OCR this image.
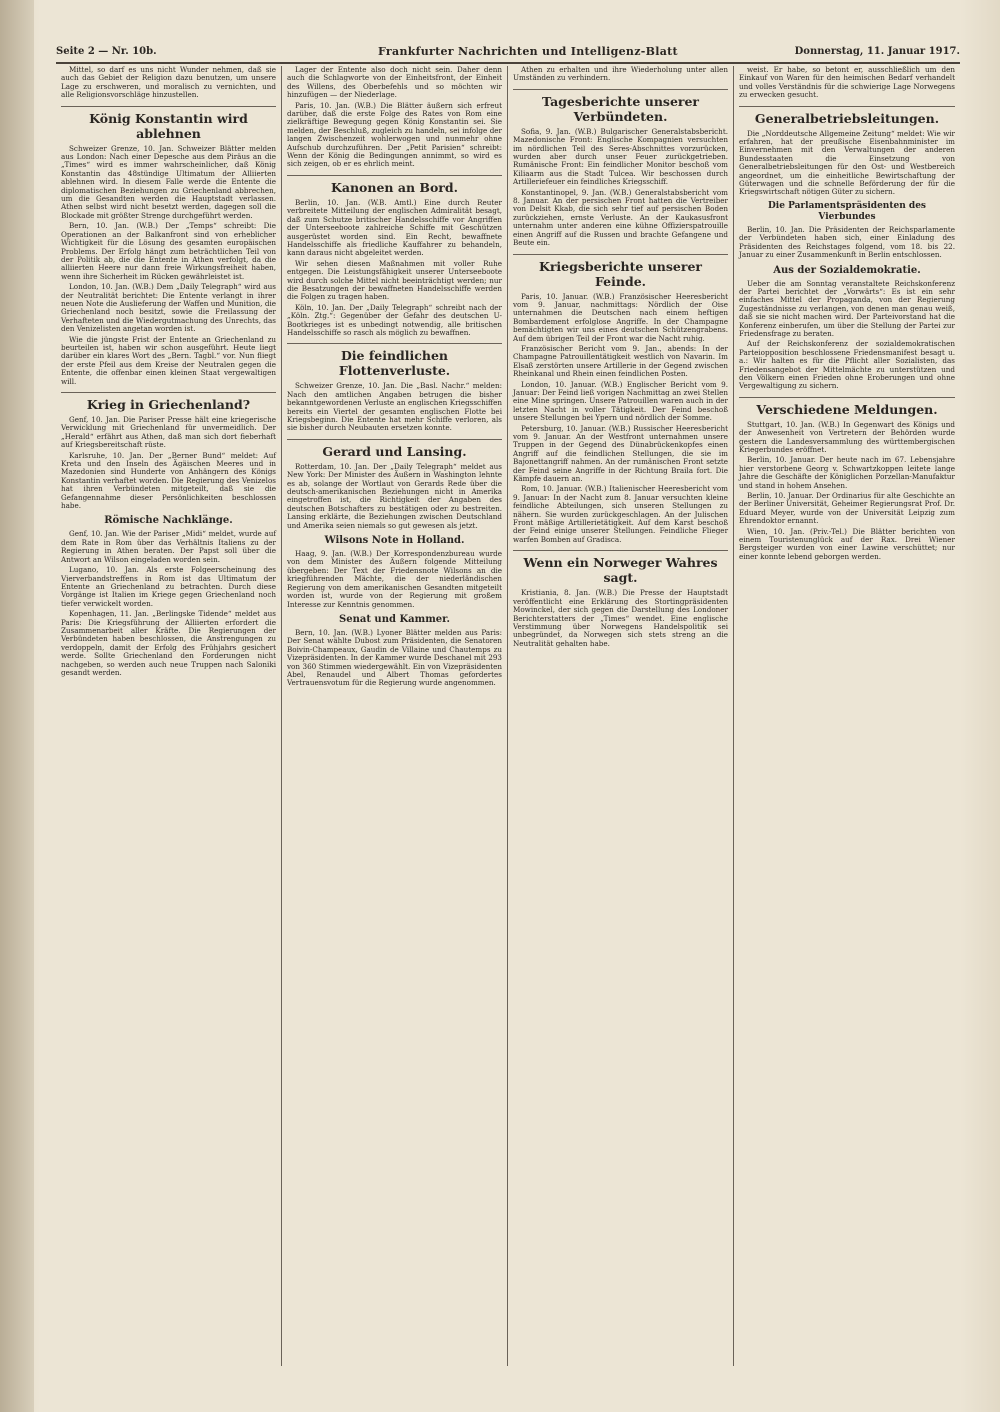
Seite 2 — Nr. 10b.	Frankfurter Nachrichten und Intelligenz-Blatt	Donnerstag, 11. Januar 1917.

Mittel, so darf es uns nicht Wunder nehmen, daß sie auch das Gebiet der Religion dazu benutzen, um unsere Lage zu erschweren, und moralisch zu vernichten, und alle Religionsvorschläge hinzustellen.

König Konstantin wird ablehnen

Schweizer Grenze, 10. Jan. Schweizer Blätter melden aus London: Nach einer Depesche aus dem Piräus an die „Times“ wird es immer wahrscheinlicher, daß König Konstantin das 48stündige Ultimatum der Alliierten ablehnen wird. In diesem Falle werde die Entente die diplomatischen Beziehungen zu Griechenland abbrechen, um die Gesandten werden die Hauptstadt verlassen. Athen selbst wird nicht besetzt werden, dagegen soll die Blockade mit größter Strenge durchgeführt werden.

Bern, 10. Jan. (W.B.) Der „Temps“ schreibt: Die Operationen an der Balkanfront sind von erheblicher Wichtigkeit für die Lösung des gesamten europäischen Problems. Der Erfolg hängt zum beträchtlichen Teil von der Politik ab, die die Entente in Athen verfolgt, da die alliierten Heere nur dann freie Wirkungsfreiheit haben, wenn ihre Sicherheit im Rücken gewährleistet ist.

London, 10. Jan. (W.B.) Dem „Daily Telegraph“ wird aus der Neutralität berichtet: Die Entente verlangt in ihrer neuen Note die Auslieferung der Waffen und Munition, die Griechenland noch besitzt, sowie die Freilassung der Verhafteten und die Wiedergutmachung des Unrechts, das den Venizelisten angetan worden ist.

Wie die jüngste Frist der Entente an Griechenland zu beurteilen ist, haben wir schon ausgeführt. Heute liegt darüber ein klares Wort des „Bern. Tagbl.“ vor. Nun fliegt der erste Pfeil aus dem Kreise der Neutralen gegen die Entente, die offenbar einen kleinen Staat vergewaltigen will.

Krieg in Griechenland?

Genf, 10. Jan. Die Pariser Presse hält eine kriegerische Verwicklung mit Griechenland für unvermeidlich. Der „Herald“ erfährt aus Athen, daß man sich dort fieberhaft auf Kriegsbereitschaft rüste.

Karlsruhe, 10. Jan. Der „Berner Bund“ meldet: Auf Kreta und den Inseln des Ägäischen Meeres und in Mazedonien sind Hunderte von Anhängern des Königs Konstantin verhaftet worden. Die Regierung des Venizelos hat ihren Verbündeten mitgeteilt, daß sie die Gefangennahme dieser Persönlichkeiten beschlossen habe.

Römische Nachklänge.

Genf, 10. Jan. Wie der Pariser „Midi“ meldet, wurde auf dem Rate in Rom über das Verhältnis Italiens zu der Regierung in Athen beraten. Der Papst soll über die Antwort an Wilson eingeladen worden sein.

Lugano, 10. Jan. Als erste Folgeerscheinung des Vierverbandstreffens in Rom ist das Ultimatum der Entente an Griechenland zu betrachten. Durch diese Vorgänge ist Italien im Kriege gegen Griechenland noch tiefer verwickelt worden.

Kopenhagen, 11. Jan. „Berlingske Tidende“ meldet aus Paris: Die Kriegsführung der Alliierten erfordert die Zusammenarbeit aller Kräfte. Die Regierungen der Verbündeten haben beschlossen, die Anstrengungen zu verdoppeln, damit der Erfolg des Frühjahrs gesichert werde. Sollte Griechenland den Forderungen nicht nachgeben, so werden auch neue Truppen nach Saloniki gesandt werden.

Lager der Entente also doch nicht sein. Daher denn auch die Schlagworte von der Einheitsfront, der Einheit des Willens, des Oberbefehls und so möchten wir hinzufügen — der Niederlage.

Paris, 10. Jan. (W.B.) Die Blätter äußern sich erfreut darüber, daß die erste Folge des Rates von Rom eine zielkräftige Bewegung gegen König Konstantin sei. Sie melden, der Beschluß, zugleich zu handeln, sei infolge der langen Zwischenzeit wohlerwogen und nunmehr ohne Aufschub durchzuführen. Der „Petit Parisien“ schreibt: Wenn der König die Bedingungen annimmt, so wird es sich zeigen, ob er es ehrlich meint.

Kanonen an Bord.

Berlin, 10. Jan. (W.B. Amtl.) Eine durch Reuter verbreitete Mitteilung der englischen Admiralität besagt, daß zum Schutze britischer Handelsschiffe vor Angriffen der Unterseeboote zahlreiche Schiffe mit Geschützen ausgerüstet worden sind. Ein Recht, bewaffnete Handelsschiffe als friedliche Kauffahrer zu behandeln, kann daraus nicht abgeleitet werden.

Wir sehen diesen Maßnahmen mit voller Ruhe entgegen. Die Leistungsfähigkeit unserer Unterseeboote wird durch solche Mittel nicht beeinträchtigt werden; nur die Besatzungen der bewaffneten Handelsschiffe werden die Folgen zu tragen haben.

Köln, 10. Jan. Der „Daily Telegraph“ schreibt nach der „Köln. Ztg.“: Gegenüber der Gefahr des deutschen U-Bootkrieges ist es unbedingt notwendig, alle britischen Handelsschiffe so rasch als möglich zu bewaffnen.

Die feindlichen Flottenverluste.

Schweizer Grenze, 10. Jan. Die „Basl. Nachr.“ melden: Nach den amtlichen Angaben betrugen die bisher bekanntgewordenen Verluste an englischen Kriegsschiffen bereits ein Viertel der gesamten englischen Flotte bei Kriegsbeginn. Die Entente hat mehr Schiffe verloren, als sie bisher durch Neubauten ersetzen konnte.

Gerard und Lansing.

Rotterdam, 10. Jan. Der „Daily Telegraph“ meldet aus New York: Der Minister des Äußern in Washington lehnte es ab, solange der Wortlaut von Gerards Rede über die deutsch-amerikanischen Beziehungen nicht in Amerika eingetroffen ist, die Richtigkeit der Angaben des deutschen Botschafters zu bestätigen oder zu bestreiten. Lansing erklärte, die Beziehungen zwischen Deutschland und Amerika seien niemals so gut gewesen als jetzt.

Wilsons Note in Holland.

Haag, 9. Jan. (W.B.) Der Korrespondenzbureau wurde von dem Minister des Äußern folgende Mitteilung übergeben: Der Text der Friedensnote Wilsons an die kriegführenden Mächte, die der niederländischen Regierung von dem amerikanischen Gesandten mitgeteilt worden ist, wurde von der Regierung mit großem Interesse zur Kenntnis genommen.

Senat und Kammer.

Bern, 10. Jan. (W.B.) Lyoner Blätter melden aus Paris: Der Senat wählte Dubost zum Präsidenten, die Senatoren Boivin-Champeaux, Gaudin de Villaine und Chautemps zu Vizepräsidenten. In der Kammer wurde Deschanel mit 293 von 360 Stimmen wiedergewählt. Ein von Vizepräsidenten Abel, Renaudel und Albert Thomas gefordertes Vertrauensvotum für die Regierung wurde angenommen.

Athen zu erhalten und ihre Wiederholung unter allen Umständen zu verhindern.

Tagesberichte unserer Verbündeten.

Sofia, 9. Jan. (W.B.) Bulgarischer Generalstabsbericht. Mazedonische Front: Englische Kompagnien versuchten im nördlichen Teil des Seres-Abschnittes vorzurücken, wurden aber durch unser Feuer zurückgetrieben. Rumänische Front: Ein feindlicher Monitor beschoß vom Kiliaarm aus die Stadt Tulcea. Wir beschossen durch Artilleriefeuer ein feindliches Kriegsschiff.

Konstantinopel, 9. Jan. (W.B.) Generalstabsbericht vom 8. Januar. An der persischen Front hatten die Vertreiber von Delsit Kkab, die sich sehr tief auf persischen Boden zurückziehen, ernste Verluste. An der Kaukasusfront unternahm unter anderen eine kühne Offizierspatrouille einen Angriff auf die Russen und brachte Gefangene und Beute ein.

Kriegsberichte unserer Feinde.

Paris, 10. Januar. (W.B.) Französischer Heeresbericht vom 9. Januar, nachmittags: Nördlich der Oise unternahmen die Deutschen nach einem heftigen Bombardement erfolglose Angriffe. In der Champagne bemächtigten wir uns eines deutschen Schützengrabens. Auf dem übrigen Teil der Front war die Nacht ruhig.

Französischer Bericht vom 9. Jan., abends: In der Champagne Patrouillentätigkeit westlich von Navarin. Im Elsaß zerstörten unsere Artillerie in der Gegend zwischen Rheinkanal und Rhein einen feindlichen Posten.

London, 10. Januar. (W.B.) Englischer Bericht vom 9. Januar: Der Feind ließ vorigen Nachmittag an zwei Stellen eine Mine springen. Unsere Patrouillen waren auch in der letzten Nacht in voller Tätigkeit. Der Feind beschoß unsere Stellungen bei Ypern und nördlich der Somme.

Petersburg, 10. Januar. (W.B.) Russischer Heeresbericht vom 9. Januar. An der Westfront unternahmen unsere Truppen in der Gegend des Dünabrückenkopfes einen Angriff auf die feindlichen Stellungen, die sie im Bajonettangriff nahmen. An der rumänischen Front setzte der Feind seine Angriffe in der Richtung Braila fort. Die Kämpfe dauern an.

Rom, 10. Januar. (W.B.) Italienischer Heeresbericht vom 9. Januar: In der Nacht zum 8. Januar versuchten kleine feindliche Abteilungen, sich unseren Stellungen zu nähern. Sie wurden zurückgeschlagen. An der Julischen Front mäßige Artillerietätigkeit. Auf dem Karst beschoß der Feind einige unserer Stellungen. Feindliche Flieger warfen Bomben auf Gradisca.

Wenn ein Norweger Wahres sagt.

Kristiania, 8. Jan. (W.B.) Die Presse der Hauptstadt veröffentlicht eine Erklärung des Stortingpräsidenten Mowinckel, der sich gegen die Darstellung des Londoner Berichterstatters der „Times“ wendet. Eine englische Verstimmung über Norwegens Handelspolitik sei unbegründet, da Norwegen sich stets streng an die Neutralität gehalten habe.

weist. Er habe, so betont er, ausschließlich um den Einkauf von Waren für den heimischen Bedarf verhandelt und volles Verständnis für die schwierige Lage Norwegens zu erwecken gesucht.

Generalbetriebsleitungen.

Die „Norddeutsche Allgemeine Zeitung“ meldet: Wie wir erfahren, hat der preußische Eisenbahnminister im Einvernehmen mit den Verwaltungen der anderen Bundesstaaten die Einsetzung von Generalbetriebsleitungen für den Ost- und Westbereich angeordnet, um die einheitliche Bewirtschaftung der Güterwagen und die schnelle Beförderung der für die Kriegswirtschaft nötigen Güter zu sichern.

Die Parlamentspräsidenten des Vierbundes

Berlin, 10. Jan. Die Präsidenten der Reichsparlamente der Verbündeten haben sich, einer Einladung des Präsidenten des Reichstages folgend, vom 18. bis 22. Januar zu einer Zusammenkunft in Berlin entschlossen.

Aus der Sozialdemokratie.

Ueber die am Sonntag veranstaltete Reichskonferenz der Partei berichtet der „Vorwärts“: Es ist ein sehr einfaches Mittel der Propaganda, von der Regierung Zugeständnisse zu verlangen, von denen man genau weiß, daß sie sie nicht machen wird. Der Parteivorstand hat die Konferenz einberufen, um über die Stellung der Partei zur Friedensfrage zu beraten.

Auf der Reichskonferenz der sozialdemokratischen Parteiopposition beschlossene Friedensmanifest besagt u. a.: Wir halten es für die Pflicht aller Sozialisten, das Friedensangebot der Mittelmächte zu unterstützen und den Völkern einen Frieden ohne Eroberungen und ohne Vergewaltigung zu sichern.

Verschiedene Meldungen.

Stuttgart, 10. Jan. (W.B.) In Gegenwart des Königs und der Anwesenheit von Vertretern der Behörden wurde gestern die Landesversammlung des württembergischen Kriegerbundes eröffnet.

Berlin, 10. Januar. Der heute nach im 67. Lebensjahre hier verstorbene Georg v. Schwartzkoppen leitete lange Jahre die Geschäfte der Königlichen Porzellan-Manufaktur und stand in hohem Ansehen.

Berlin, 10. Januar. Der Ordinarius für alte Geschichte an der Berliner Universität, Geheimer Regierungsrat Prof. Dr. Eduard Meyer, wurde von der Universität Leipzig zum Ehrendoktor ernannt.

Wien, 10. Jan. (Priv.-Tel.) Die Blätter berichten von einem Touristenunglück auf der Rax. Drei Wiener Bergsteiger wurden von einer Lawine verschüttet; nur einer konnte lebend geborgen werden.
